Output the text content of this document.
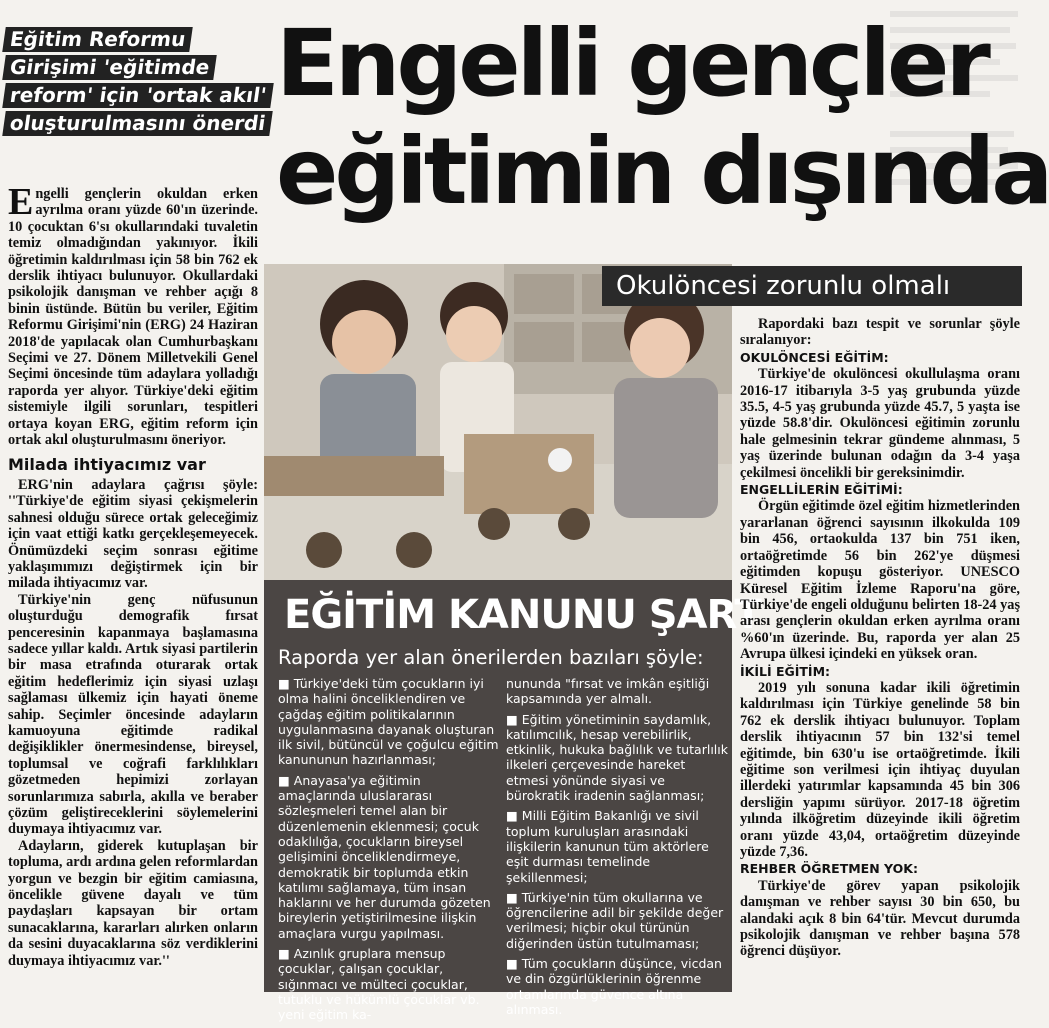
Eğitim Reformu
Girişimi 'eğitimde
reform' için 'ortak akıl'
oluşturulmasını önerdi
Engelli gençler
eğitimin dışında

Engelli gençlerin okuldan erken ayrılma oranı yüzde 60'ın üzerinde. 10 çocuktan 6'sı okullarındaki tuvaletin temiz olmadığından yakınıyor. İkili öğretimin kaldırılması için 58 bin 762 ek derslik ihtiyacı bulunuyor. Okullardaki psikolojik danışman ve rehber açığı 8 binin üstünde. Bütün bu veriler, Eğitim Reformu Girişimi'nin (ERG) 24 Haziran 2018'de yapılacak olan Cumhurbaşkanı Seçimi ve 27. Dönem Milletvekili Genel Seçimi öncesinde tüm adaylara yolladığı raporda yer alıyor. Türkiye'deki eğitim sistemiyle ilgili sorunları, tespitleri ortaya koyan ERG, eğitim reform için ortak akıl oluşturulmasını öneriyor.

Milada ihtiyacımız var

ERG'nin adaylara çağrısı şöyle: ''Türkiye'de eğitim siyasi çekişmelerin sahnesi olduğu sürece ortak geleceğimiz için vaat ettiği katkı gerçekleşemeyecek. Önümüzdeki seçim sonrası eğitime yaklaşımımızı değiştirmek için bir milada ihtiyacımız var.

Türkiye'nin genç nüfusunun oluşturduğu demografik fırsat penceresinin kapanmaya başlamasına sadece yıllar kaldı. Artık siyasi partilerin bir masa etrafında oturarak ortak eğitim hedeflerimiz için siyasi uzlaşı sağlaması ülkemiz için hayati öneme sahip. Seçimler öncesinde adayların kamuoyuna eğitimde radikal değişiklikler önermesindense, bireysel, toplumsal ve coğrafi farklılıkları gözetmeden hepimizi zorlayan sorunlarımıza sabırla, akılla ve beraber çözüm geliştireceklerini söylemelerini duymaya ihtiyacımız var.

Adayların, giderek kutuplaşan bir topluma, ardı ardına gelen reformlardan yorgun ve bezgin bir eğitim camiasına, öncelikle güvene dayalı ve tüm paydaşları kapsayan bir ortam sunacaklarına, kararları alırken onların da sesini duyacaklarına söz verdiklerini duymaya ihtiyacımız var.''

Okulöncesi zorunlu olmalı
EĞİTİM KANUNU ŞART
Raporda yer alan önerilerden bazıları şöyle:
■ Türkiye'deki tüm çocukların iyi olma halini önceliklendiren ve çağdaş eğitim politikalarının uygulanmasına dayanak oluşturan ilk sivil, bütüncül ve çoğulcu eğitim kanununun hazırlanması;
■ Anayasa'ya eğitimin amaçlarında uluslararası sözleşmeleri temel alan bir düzenlemenin eklenmesi; çocuk odaklılığa, çocukların bireysel gelişimini önceliklendirmeye, demokratik bir toplumda etkin katılımı sağlamaya, tüm insan haklarını ve her durumda gözeten bireylerin yetiştirilmesine ilişkin amaçlara vurgu yapılması.
■ Azınlık gruplara mensup çocuklar, çalışan çocuklar, sığınmacı ve mülteci çocuklar, tutuklu ve hükümlü çocuklar vb. yeni eğitim ka-
nununda "fırsat ve imkân eşitliği kapsamında yer almalı.
■ Eğitim yönetiminin saydamlık, katılımcılık, hesap verebilirlik, etkinlik, hukuka bağlılık ve tutarlılık ilkeleri çerçevesinde hareket etmesi yönünde siyasi ve bürokratik iradenin sağlanması;
■ Milli Eğitim Bakanlığı ve sivil toplum kuruluşları arasındaki ilişkilerin kanunun tüm aktörlere eşit durması temelinde şekillenmesi;
■ Türkiye'nin tüm okullarına ve öğrencilerine adil bir şekilde değer verilmesi; hiçbir okul türünün diğerinden üstün tutulmaması;
■ Tüm çocukların düşünce, vicdan ve din özgürlüklerinin öğrenme ortamlarında güvence altına alınması.

Rapordaki bazı tespit ve sorunlar şöyle sıralanıyor:

OKULÖNCESİ EĞİTİM:

Türkiye'de okulöncesi okullulaşma oranı 2016-17 itibarıyla 3-5 yaş grubunda yüzde 35.5, 4-5 yaş grubunda yüzde 45.7, 5 yaşta ise yüzde 58.8'dir. Okulöncesi eğitimin zorunlu hale gelmesinin tekrar gündeme alınması, 5 yaş üzerinde bulunan odağın da 3-4 yaşa çekilmesi öncelikli bir gereksinimdir.

ENGELLİLERİN EĞİTİMİ:

Örgün eğitimde özel eğitim hizmetlerinden yararlanan öğrenci sayısının ilkokulda 109 bin 456, ortaokulda 137 bin 751 iken, ortaöğretimde 56 bin 262'ye düşmesi eğitimden kopuşu gösteriyor. UNESCO Küresel Eğitim İzleme Raporu'na göre, Türkiye'de engeli olduğunu belirten 18-24 yaş arası gençlerin okuldan erken ayrılma oranı %60'ın üzerinde. Bu, raporda yer alan 25 Avrupa ülkesi içindeki en yüksek oran.

İKİLİ EĞİTİM:

2019 yılı sonuna kadar ikili öğretimin kaldırılması için Türkiye genelinde 58 bin 762 ek derslik ihtiyacı bulunuyor. Toplam derslik ihtiyacının 57 bin 132'si temel eğitimde, bin 630'u ise ortaöğretimde. İkili eğitime son verilmesi için ihtiyaç duyulan illerdeki yatırımlar kapsamında 45 bin 306 dersliğin yapımı sürüyor. 2017-18 öğretim yılında ilköğretim düzeyinde ikili öğretim oranı yüzde 43,04, ortaöğretim düzeyinde yüzde 7,36.

REHBER ÖĞRETMEN YOK:

Türkiye'de görev yapan psikolojik danışman ve rehber sayısı 30 bin 650, bu alandaki açık 8 bin 64'tür. Mevcut durumda psikolojik danışman ve rehber başına 578 öğrenci düşüyor.
